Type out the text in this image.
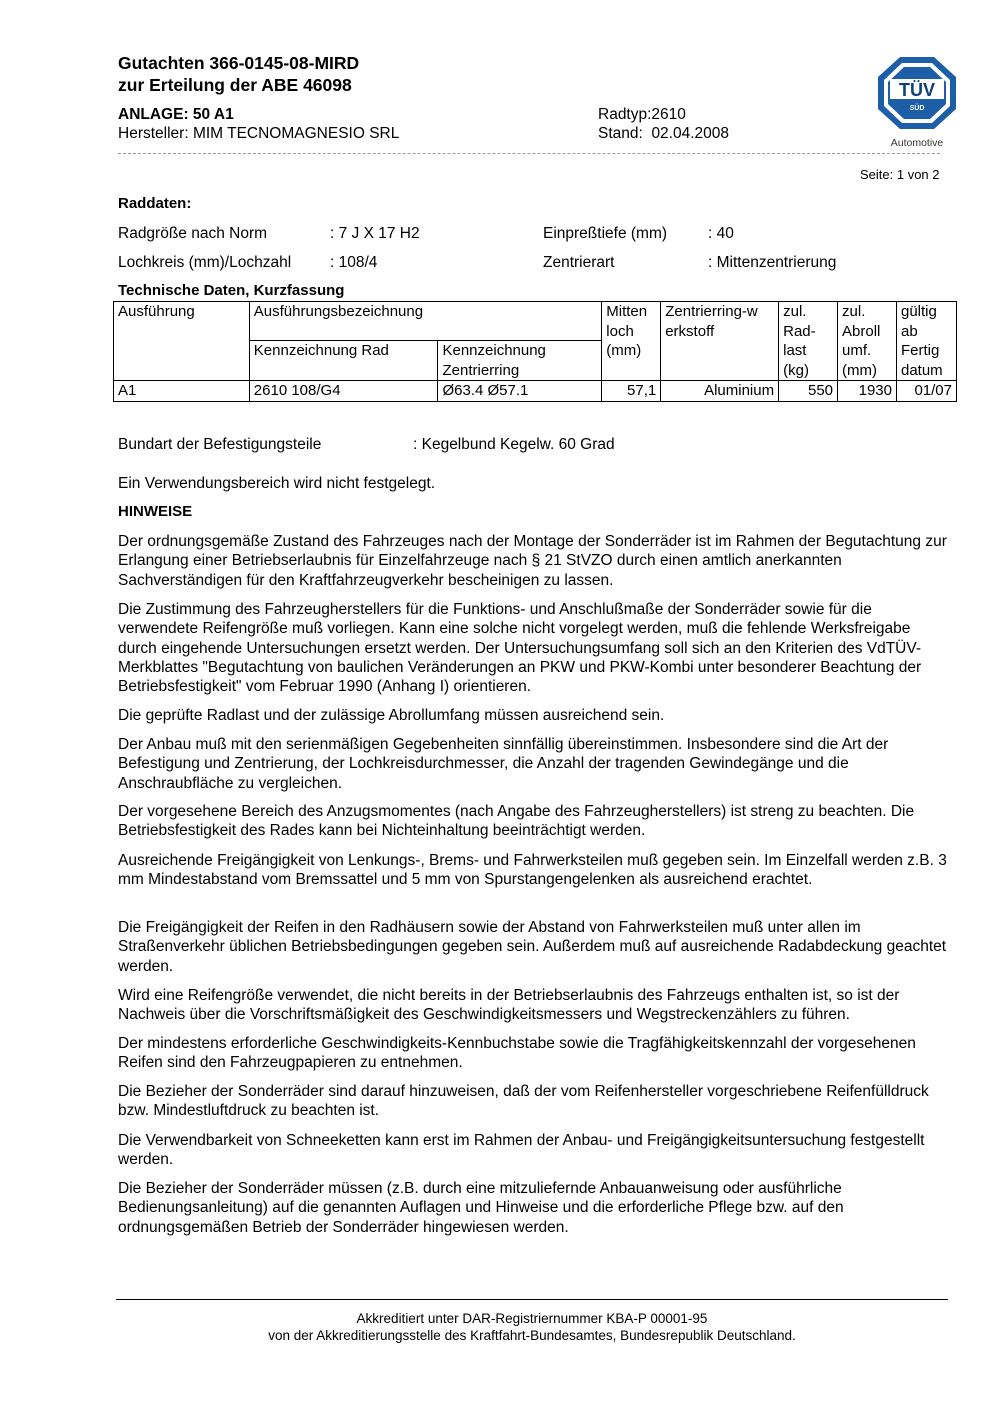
Gutachten 366-0145-08-MIRD
zur Erteilung der ABE 46098
ANLAGE: 50 A1
Hersteller: MIM TECNOMAGNESIO SRL
Radtyp:2610
Stand: 02.04.2008
TÜV
SÜD
Automotive
Seite: 1 von 2
Raddaten:
Radgröße nach Norm	: 7 J X 17 H2	Einpreßtiefe (mm)	: 40
Lochkreis (mm)/Lochzahl	: 108/4	Zentrierart	: Mittenzentrierung
Technische Daten, Kurzfassung
Ausführung	Ausführungsbezeichnung		Mitten loch (mm)	Zentrierring-w erkstoff	zul. Rad- last (kg)	zul. Abroll umf. (mm)	gültig ab Fertig datum
	Kennzeichnung Rad	Kennzeichnung Zentrierring					
A1	2610 108/G4	Ø63.4 Ø57.1	57,1	Aluminium	550	1930	01/07
Bundart der Befestigungsteile	: Kegelbund Kegelw. 60 Grad
Ein Verwendungsbereich wird nicht festgelegt.
HINWEISE

Der ordnungsgemäße Zustand des Fahrzeuges nach der Montage der Sonderräder ist im Rahmen der Begutachtung zur Erlangung einer Betriebserlaubnis für Einzelfahrzeuge nach § 21 StVZO durch einen amtlich anerkannten Sachverständigen für den Kraftfahrzeugverkehr bescheinigen zu lassen.

Die Zustimmung des Fahrzeugherstellers für die Funktions- und Anschlußmaße der Sonderräder sowie für die verwendete Reifengröße muß vorliegen. Kann eine solche nicht vorgelegt werden, muß die fehlende Werksfreigabe durch eingehende Untersuchungen ersetzt werden. Der Untersuchungsumfang soll sich an den Kriterien des VdTÜV-Merkblattes "Begutachtung von baulichen Veränderungen an PKW und PKW-Kombi unter besonderer Beachtung der Betriebsfestigkeit" vom Februar 1990 (Anhang I) orientieren.

Die geprüfte Radlast und der zulässige Abrollumfang müssen ausreichend sein.

Der Anbau muß mit den serienmäßigen Gegebenheiten sinnfällig übereinstimmen. Insbesondere sind die Art der Befestigung und Zentrierung, der Lochkreisdurchmesser, die Anzahl der tragenden Gewindegänge und die Anschraubfläche zu vergleichen.

Der vorgesehene Bereich des Anzugsmomentes (nach Angabe des Fahrzeugherstellers) ist streng zu beachten. Die Betriebsfestigkeit des Rades kann bei Nichteinhaltung beeinträchtigt werden.

Ausreichende Freigängigkeit von Lenkungs-, Brems- und Fahrwerksteilen muß gegeben sein. Im Einzelfall werden z.B. 3 mm Mindestabstand vom Bremssattel und 5 mm von Spurstangengelenken als ausreichend erachtet.

Die Freigängigkeit der Reifen in den Radhäusern sowie der Abstand von Fahrwerksteilen muß unter allen im Straßenverkehr üblichen Betriebsbedingungen gegeben sein. Außerdem muß auf ausreichende Radabdeckung geachtet werden.

Wird eine Reifengröße verwendet, die nicht bereits in der Betriebserlaubnis des Fahrzeugs enthalten ist, so ist der Nachweis über die Vorschriftsmäßigkeit des Geschwindigkeitsmessers und Wegstreckenzählers zu führen.

Der mindestens erforderliche Geschwindigkeits-Kennbuchstabe sowie die Tragfähigkeitskennzahl der vorgesehenen Reifen sind den Fahrzeugpapieren zu entnehmen.

Die Bezieher der Sonderräder sind darauf hinzuweisen, daß der vom Reifenhersteller vorgeschriebene Reifenfülldruck bzw. Mindestluftdruck zu beachten ist.

Die Verwendbarkeit von Schneeketten kann erst im Rahmen der Anbau- und Freigängigkeitsuntersuchung festgestellt werden.

Die Bezieher der Sonderräder müssen (z.B. durch eine mitzuliefernde Anbauanweisung oder ausführliche Bedienungsanleitung) auf die genannten Auflagen und Hinweise und die erforderliche Pflege bzw. auf den ordnungsgemäßen Betrieb der Sonderräder hingewiesen werden.

Akkreditiert unter DAR-Registriernummer KBA-P 00001-95
von der Akkreditierungsstelle des Kraftfahrt-Bundesamtes, Bundesrepublik Deutschland.
